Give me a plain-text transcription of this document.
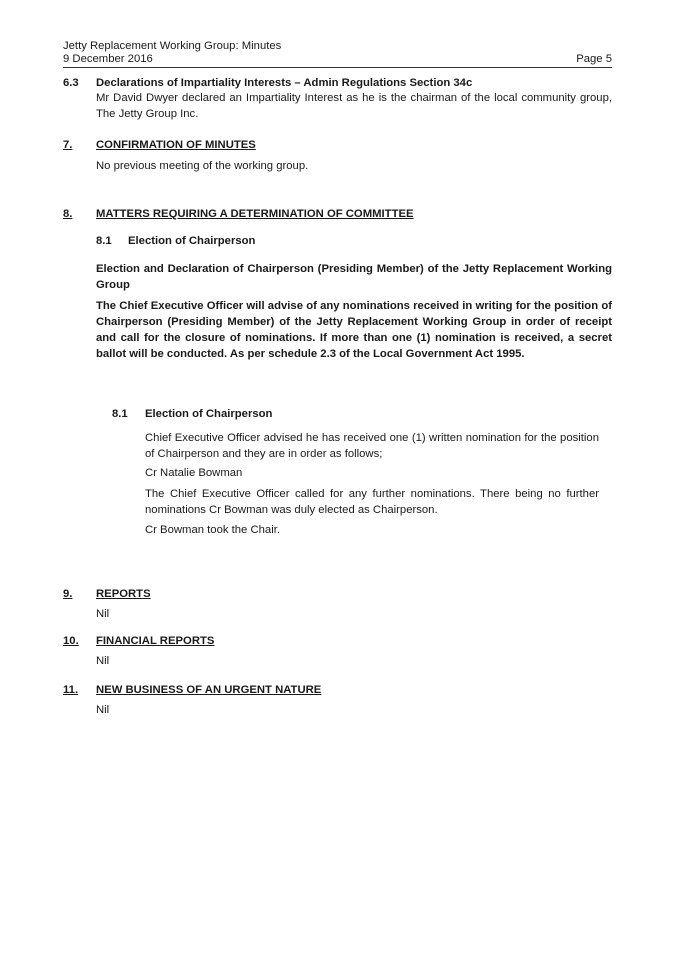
Jetty Replacement Working Group: Minutes
9 December 2016	Page 5
6.3 Declarations of Impartiality Interests – Admin Regulations Section 34c
Mr David Dwyer declared an Impartiality Interest as he is the chairman of the local community group, The Jetty Group Inc.
7. CONFIRMATION OF MINUTES
No previous meeting of the working group.
8. MATTERS REQUIRING A DETERMINATION OF COMMITTEE
8.1 Election of Chairperson
Election and Declaration of Chairperson (Presiding Member) of the Jetty Replacement Working Group
The Chief Executive Officer will advise of any nominations received in writing for the position of Chairperson (Presiding Member) of the Jetty Replacement Working Group in order of receipt and call for the closure of nominations. If more than one (1) nomination is received, a secret ballot will be conducted. As per schedule 2.3 of the Local Government Act 1995.
8.1 Election of Chairperson
Chief Executive Officer advised he has received one (1) written nomination for the position of Chairperson and they are in order as follows;
Cr Natalie Bowman
The Chief Executive Officer called for any further nominations. There being no further nominations Cr Bowman was duly elected as Chairperson.
Cr Bowman took the Chair.
9. REPORTS
Nil
10. FINANCIAL REPORTS
Nil
11. NEW BUSINESS OF AN URGENT NATURE
Nil
